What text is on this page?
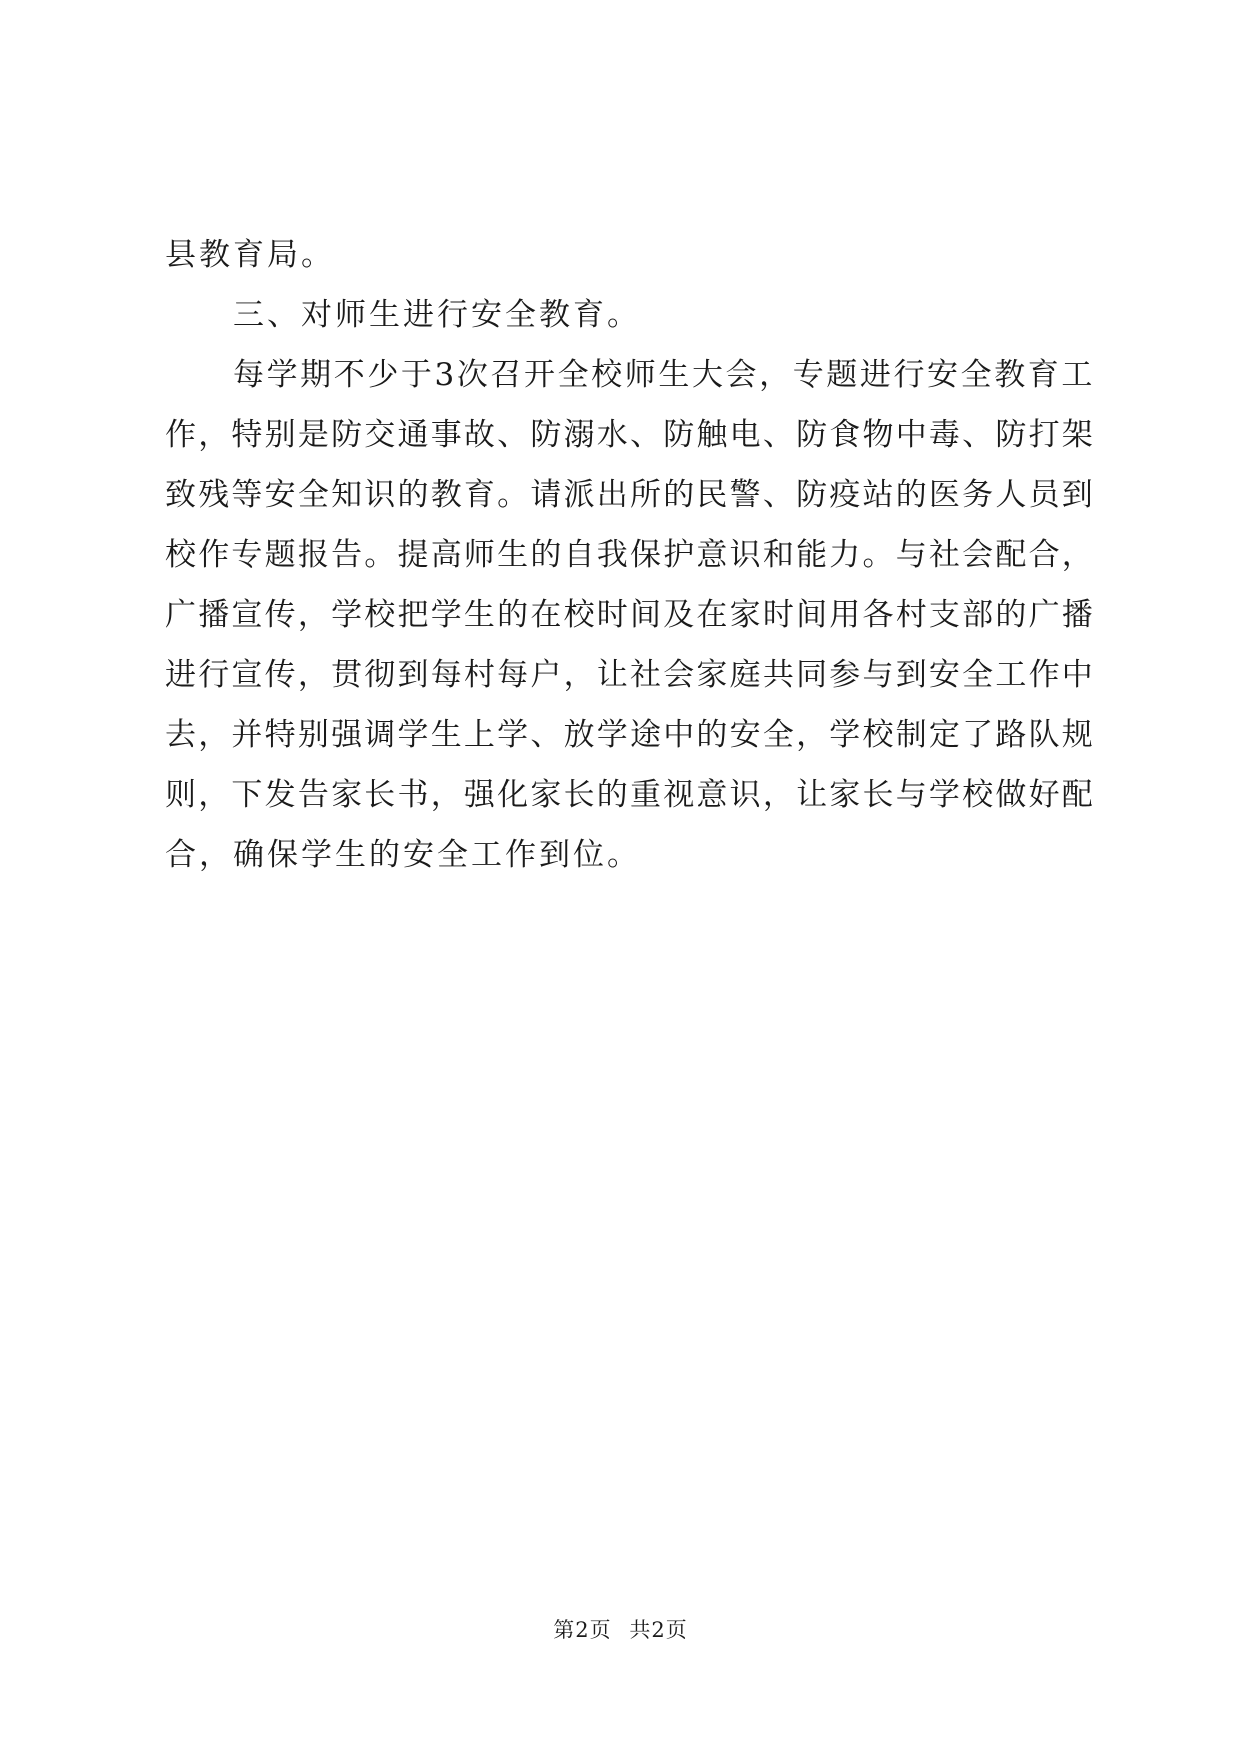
县教育局。
三、对师生进行安全教育。
每学期不少于3次召开全校师生大会，专题进行安全教育工
作，特别是防交通事故、防溺水、防触电、防食物中毒、防打架
致残等安全知识的教育。请派出所的民警、防疫站的医务人员到
校作专题报告。提高师生的自我保护意识和能力。与社会配合，
广播宣传，学校把学生的在校时间及在家时间用各村支部的广播
进行宣传，贯彻到每村每户，让社会家庭共同参与到安全工作中
去，并特别强调学生上学、放学途中的安全，学校制定了路队规
则，下发告家长书，强化家长的重视意识，让家长与学校做好配
合，确保学生的安全工作到位。
第2页 共2页
